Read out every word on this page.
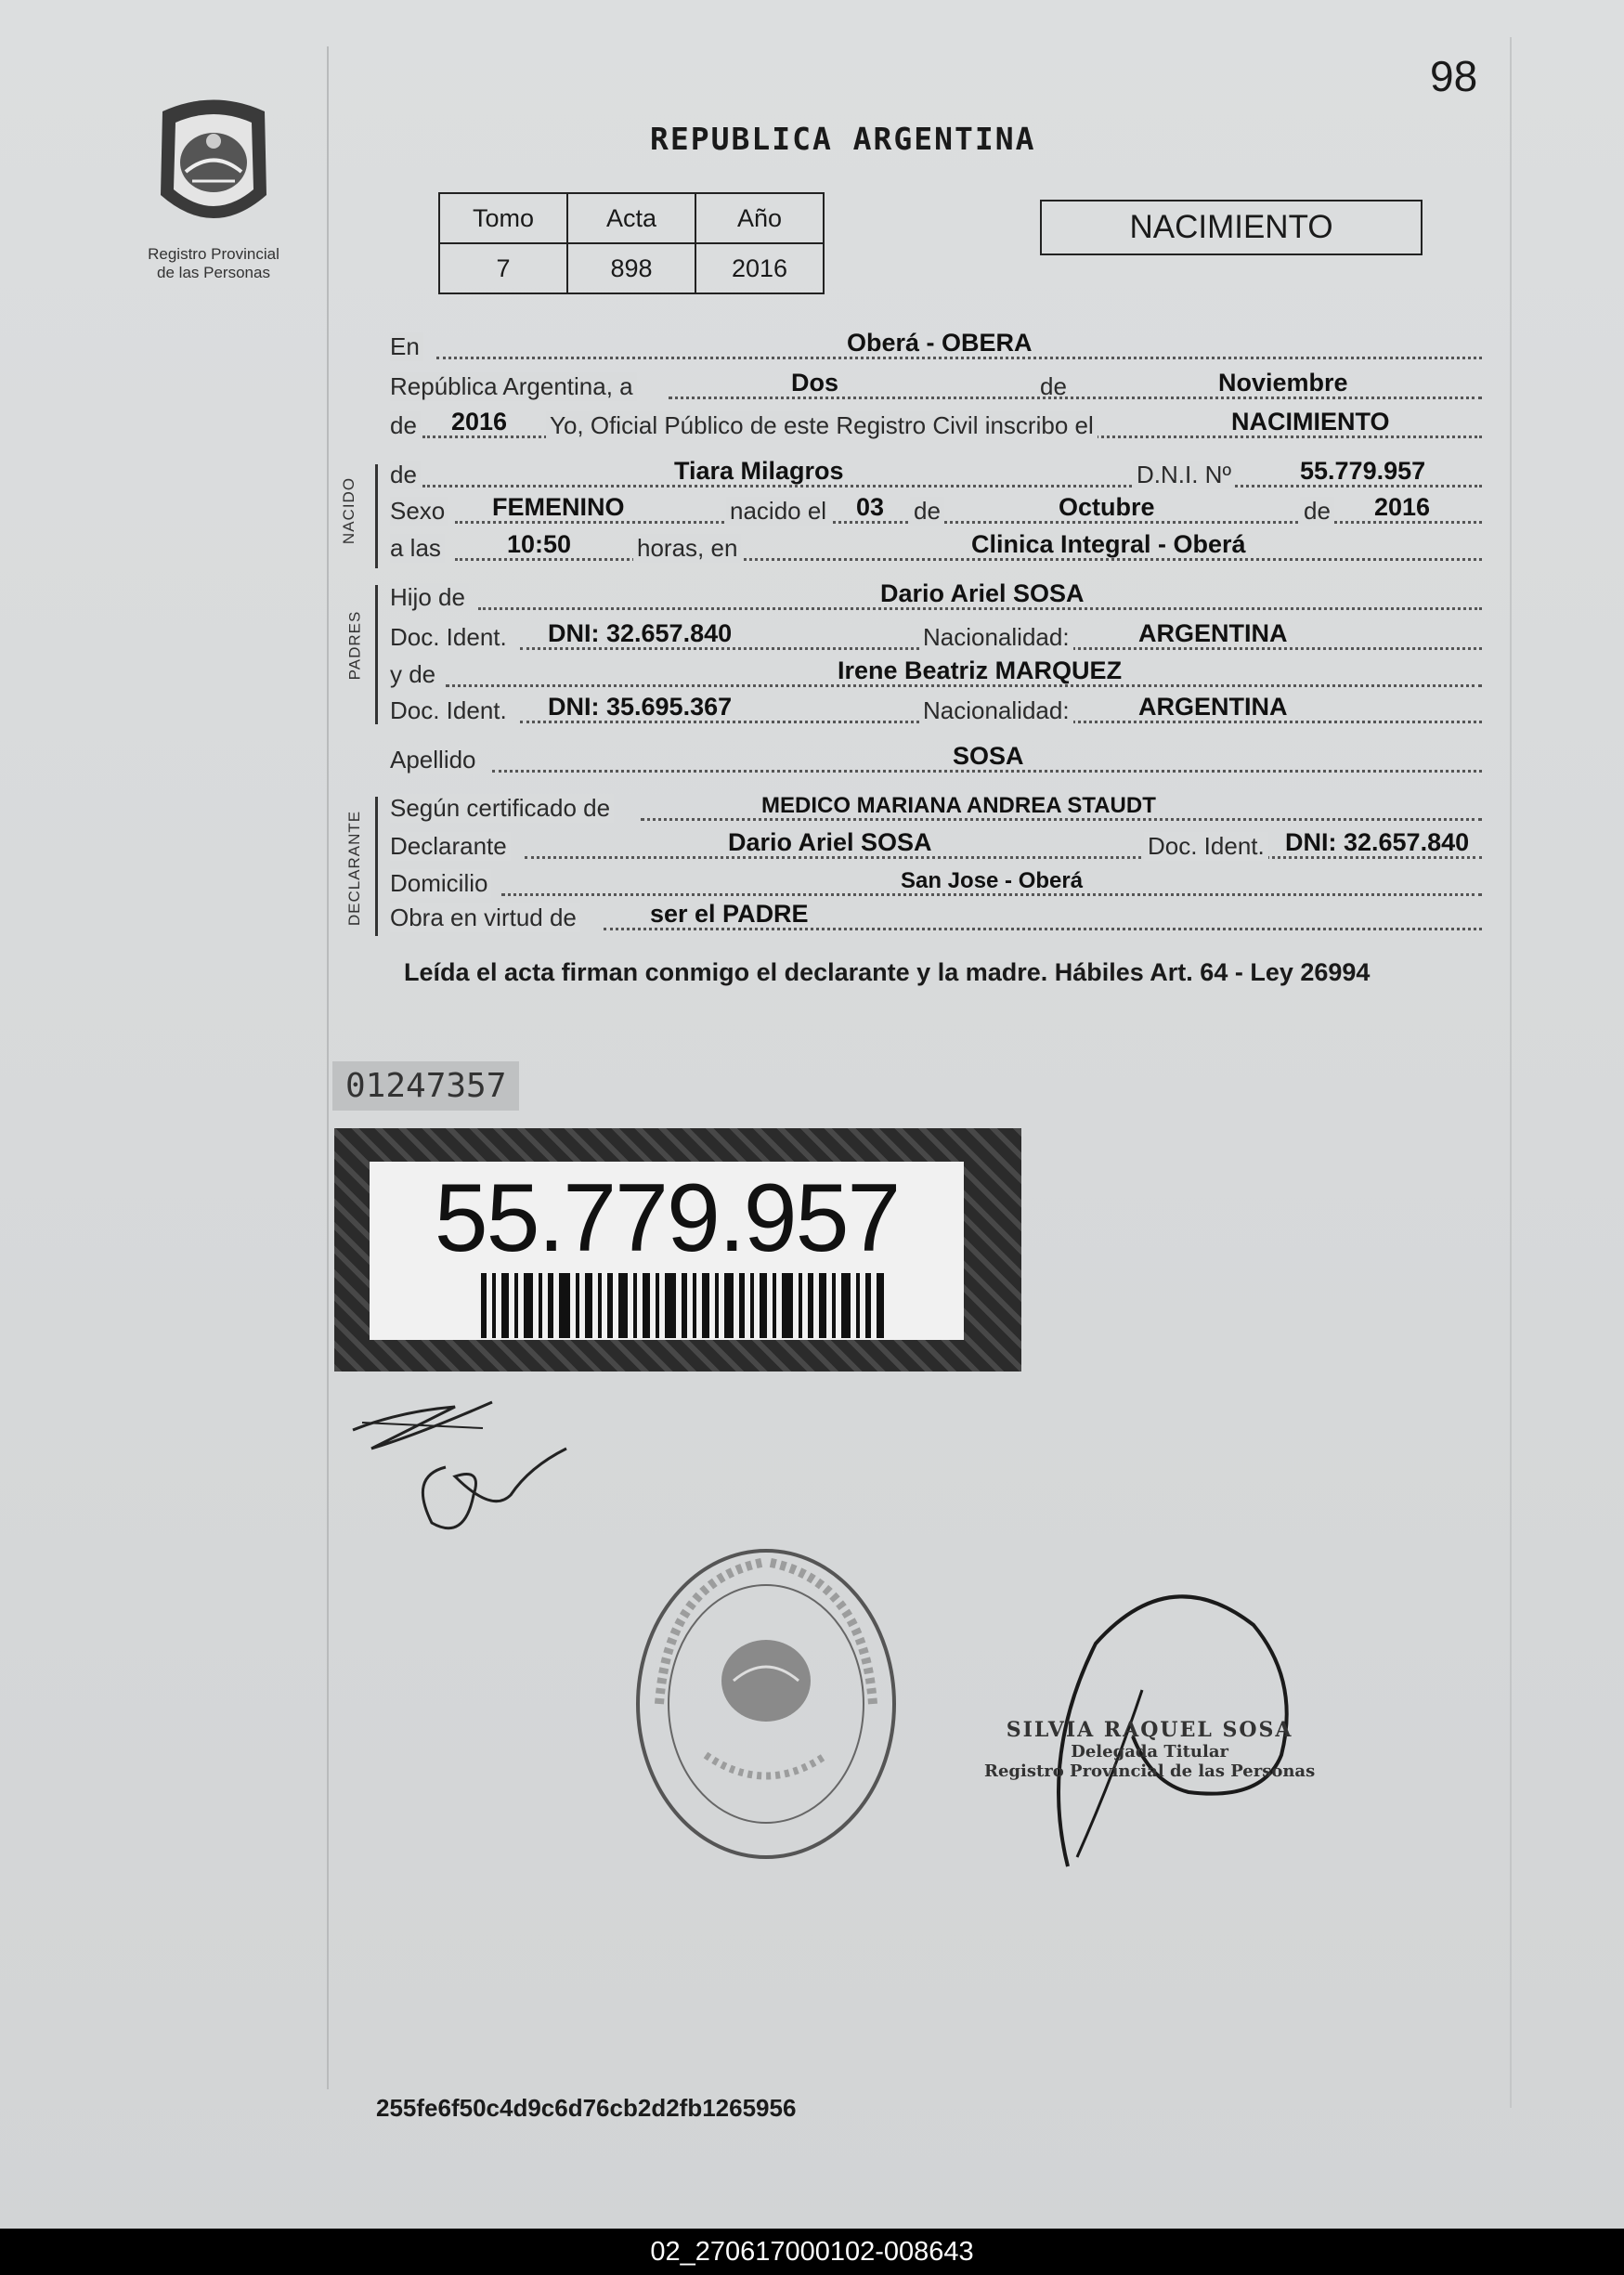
98
Registro Provincial
de las Personas
REPUBLICA ARGENTINA
Tomo	Acta	Año
7	898	2016
NACIMIENTO
En	Oberá - OBERA
República Argentina, a	Dos	de	Noviembre
de 2016 Yo, Oficial Público de este Registro Civil inscribo el	NACIMIENTO
NACIDO
de	Tiara Milagros	D.N.I. Nº	55.779.957
Sexo FEMENINO	nacido el 03 de	Octubre	de 2016
a las	10:50	horas, en	Clinica Integral - Oberá
PADRES
Hijo de	Dario Ariel SOSA
Doc. Ident. DNI: 32.657.840	Nacionalidad:	ARGENTINA
y de	Irene Beatriz MARQUEZ
Doc. Ident. DNI: 35.695.367	Nacionalidad:	ARGENTINA
Apellido	SOSA
DECLARANTE
Según certificado de	MEDICO MARIANA ANDREA STAUDT
Declarante	Dario Ariel SOSA	Doc. Ident. DNI: 32.657.840
Domicilio	San Jose - Oberá
Obra en virtud de	ser el PADRE
Leída el acta firman conmigo el declarante y la madre. Hábiles Art. 64 - Ley 26994
01247357
55.779.957
SILVIA RAQUEL SOSA
Delegada Titular
Registro Provincial de las Personas
255fe6f50c4d9c6d76cb2d2fb1265956
02_270617000102-008643
